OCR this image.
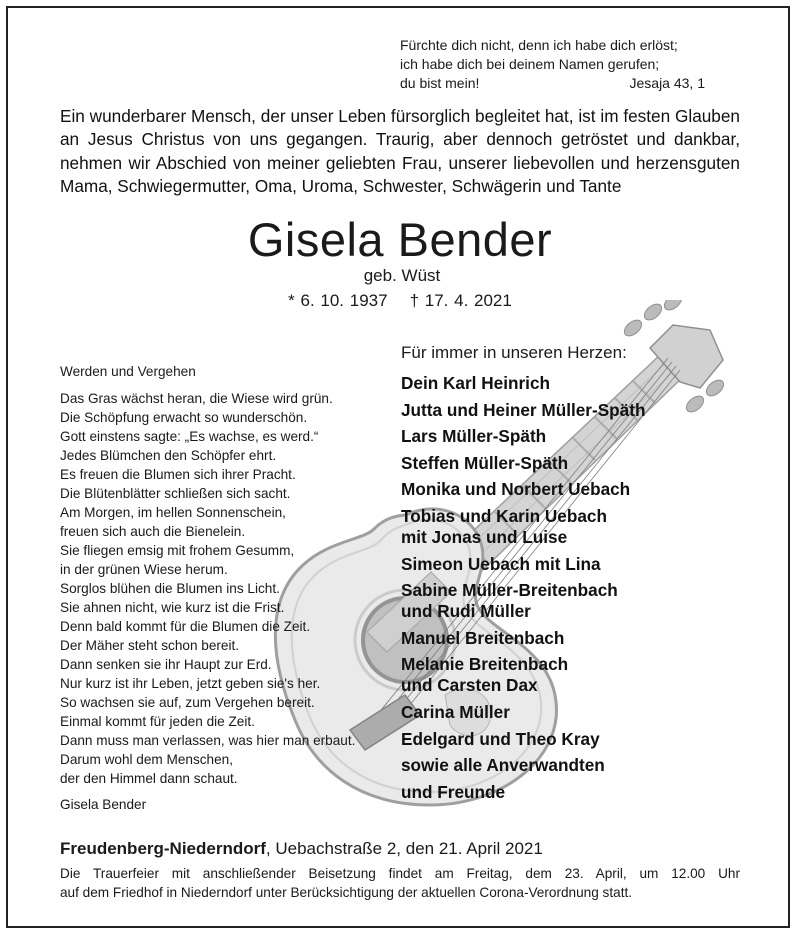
Fürchte dich nicht, denn ich habe dich erlöst;
ich habe dich bei deinem Namen gerufen;
du bist mein!	Jesaja 43, 1
Ein wunderbarer Mensch, der unser Leben fürsorglich begleitet hat, ist im festen Glauben an Jesus Christus von uns gegangen. Traurig, aber dennoch getröstet und dankbar, nehmen wir Abschied von meiner geliebten Frau, unserer liebevollen und herzensguten Mama, Schwiegermutter, Oma, Uroma, Schwester, Schwägerin und Tante
Gisela Bender
geb. Wüst
* 6. 10. 1937 † 17. 4. 2021
Werden und Vergehen
Das Gras wächst heran, die Wiese wird grün.
Die Schöpfung erwacht so wunderschön.
Gott einstens sagte: „Es wachse, es werd.“
Jedes Blümchen den Schöpfer ehrt.
Es freuen die Blumen sich ihrer Pracht.
Die Blütenblätter schließen sich sacht.
Am Morgen, im hellen Sonnenschein,
freuen sich auch die Bienelein.
Sie fliegen emsig mit frohem Gesumm,
in der grünen Wiese herum.
Sorglos blühen die Blumen ins Licht.
Sie ahnen nicht, wie kurz ist die Frist.
Denn bald kommt für die Blumen die Zeit.
Der Mäher steht schon bereit.
Dann senken sie ihr Haupt zur Erd.
Nur kurz ist ihr Leben, jetzt geben sie's her.
So wachsen sie auf, zum Vergehen bereit.
Einmal kommt für jeden die Zeit.
Dann muss man verlassen, was hier man erbaut.
Darum wohl dem Menschen,
der den Himmel dann schaut.
Gisela Bender
Für immer in unseren Herzen:
Dein Karl Heinrich
Jutta und Heiner Müller-Späth
Lars Müller-Späth
Steffen Müller-Späth
Monika und Norbert Uebach
Tobias und Karin Uebach
mit Jonas und Luise
Simeon Uebach mit Lina
Sabine Müller-Breitenbach
und Rudi Müller
Manuel Breitenbach
Melanie Breitenbach
und Carsten Dax
Carina Müller
Edelgard und Theo Kray
sowie alle Anverwandten
und Freunde
Freudenberg-Niederndorf, Uebachstraße 2, den 21. April 2021
Die Trauerfeier mit anschließender Beisetzung findet am Freitag, dem 23. April, um 12.00 Uhr
auf dem Friedhof in Niederndorf unter Berücksichtigung der aktuellen Corona-Verordnung statt.
